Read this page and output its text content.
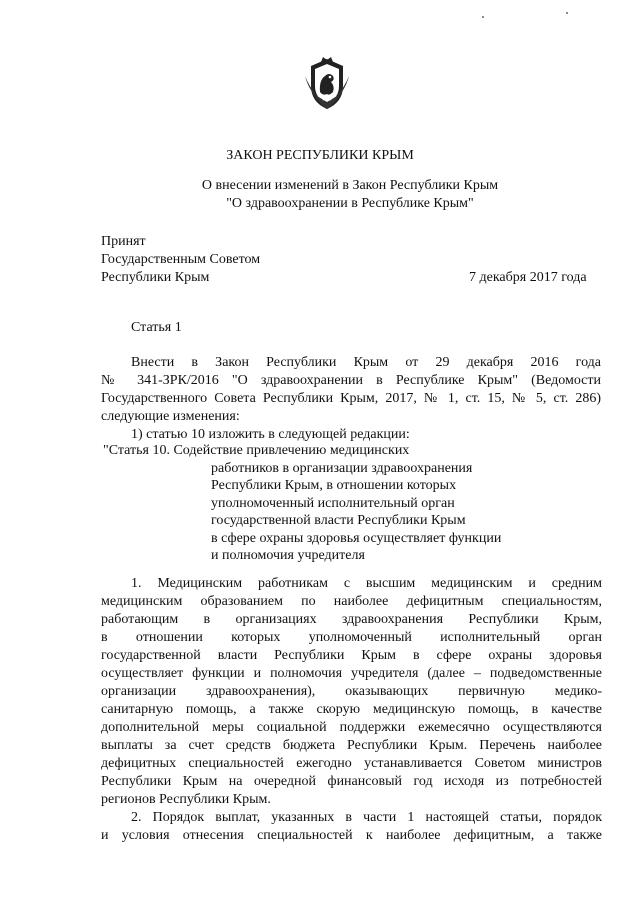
ЗАКОН РЕСПУБЛИКИ КРЫМ
О внесении изменений в Закон Республики Крым
"О здравоохранении в Республике Крым"
Принят
Государственным Советом
Республики Крым	7 декабря 2017 года
Статья 1
Внести в Закон Республики Крым от 29 декабря 2016 года
№ 341-ЗРК/2016 "О здравоохранении в Республике Крым" (Ведомости
Государственного Совета Республики Крым, 2017, № 1, ст. 15, № 5, ст. 286)
следующие изменения:
1) статью 10 изложить в следующей редакции:
"Статья 10. Содействие привлечению медицинских
работников в организации здравоохранения
Республики Крым, в отношении которых
уполномоченный исполнительный орган
государственной власти Республики Крым
в сфере охраны здоровья осуществляет функции
и полномочия учредителя
1. Медицинским работникам с высшим медицинским и средним
медицинским образованием по наиболее дефицитным специальностям,
работающим в организациях здравоохранения Республики Крым,
в отношении которых уполномоченный исполнительный орган
государственной власти Республики Крым в сфере охраны здоровья
осуществляет функции и полномочия учредителя (далее – подведомственные
организации здравоохранения), оказывающих первичную медико-
санитарную помощь, а также скорую медицинскую помощь, в качестве
дополнительной меры социальной поддержки ежемесячно осуществляются
выплаты за счет средств бюджета Республики Крым. Перечень наиболее
дефицитных специальностей ежегодно устанавливается Советом министров
Республики Крым на очередной финансовый год исходя из потребностей
регионов Республики Крым.
2. Порядок выплат, указанных в части 1 настоящей статьи, порядок
и условия отнесения специальностей к наиболее дефицитным, а также
